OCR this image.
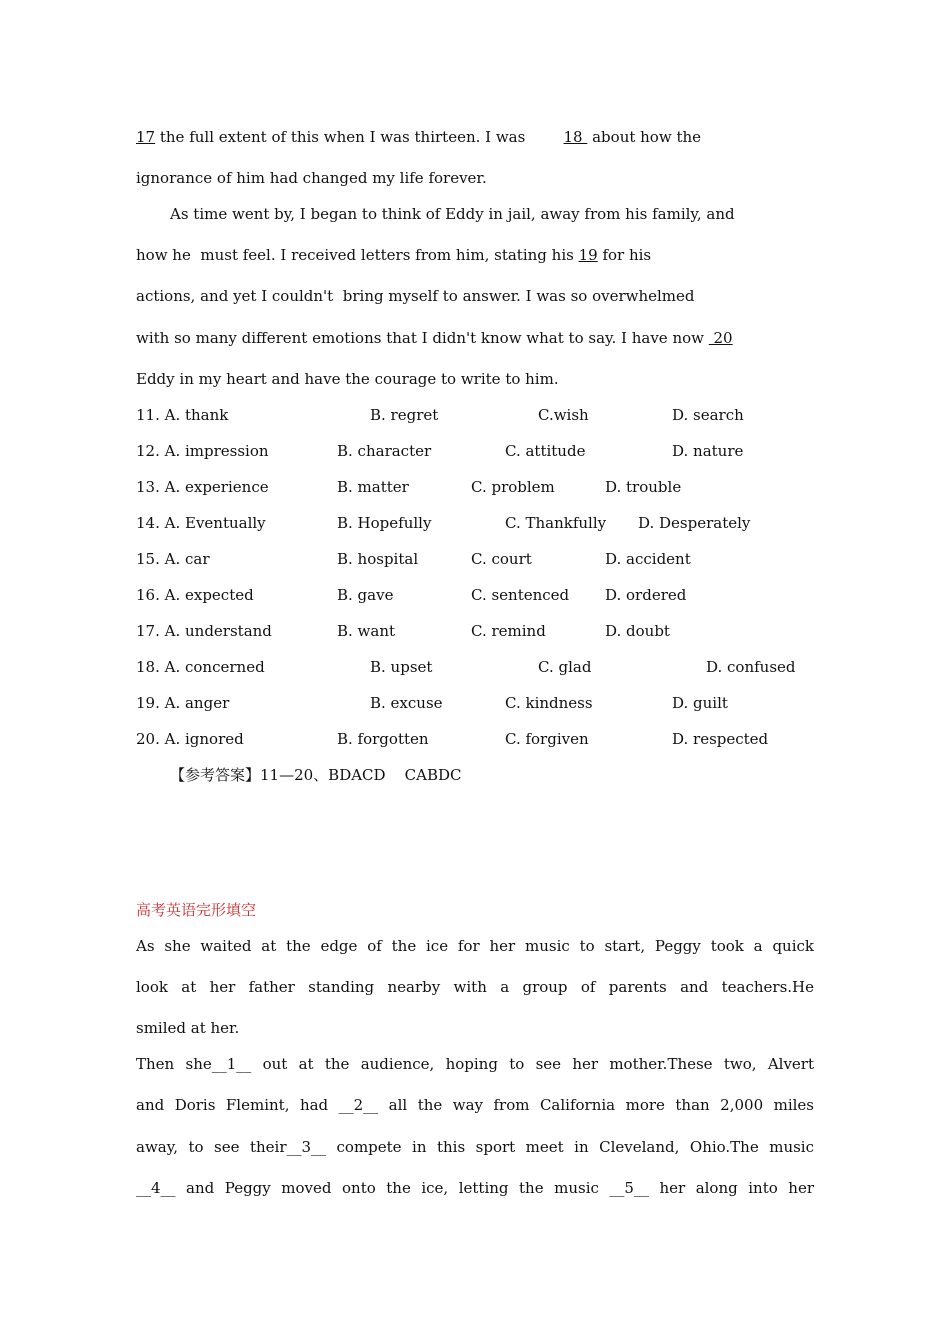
17 the full extent of this when I was thirteen. I was        18  about how the
ignorance of him had changed my life forever.
As time went by, I began to think of Eddy in jail, away from his family, and
how he  must feel. I received letters from him, stating his 19 for his
actions, and yet I couldn't  bring myself to answer. I was so overwhelmed
with so many different emotions that I didn't know what to say. I have now  20
Eddy in my heart and have the courage to write to him.
11. A. thank	B. regret	C.wish	D. search
12. A. impression	B. character	C. attitude	D. nature
13. A. experience	B. matter	C. problem	D. trouble
14. A. Eventually	B. Hopefully	C. Thankfully D. Desperately
15. A. car	B. hospital	C. court	D. accident
16. A. expected	B. gave	C. sentenced D. ordered
17. A. understand	B. want	C. remind	D. doubt
18. A. concerned	B. upset	C. glad	D. confused
19. A. anger	B. excuse	C. kindness	D. guilt
20. A. ignored	B. forgotten	C. forgiven	D. respected
【参考答案】11—20、BDACD    CABDC
高考英语完形填空
As she waited at the edge of the ice for her music to start, Peggy took a quick
look at her father standing nearby with a group of parents and teachers.He
smiled at her.
Then she__1__ out at the audience, hoping to see her mother.These two, Alvert
and Doris Flemint, had __2__ all the way from California more than 2,000 miles
away, to see their__3__ compete in this sport meet in Cleveland, Ohio.The music
__4__ and Peggy moved onto the ice, letting the music __5__ her along into her
